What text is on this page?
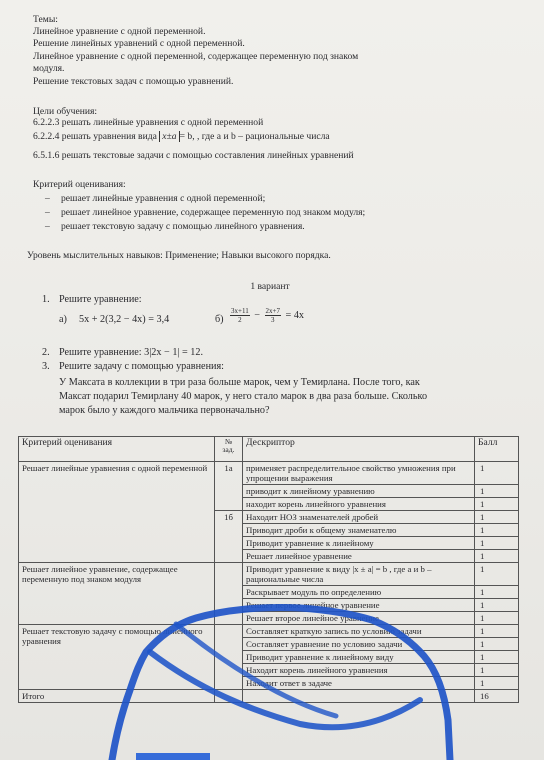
Темы:
Линейное уравнение с одной переменной.
Решение линейных уравнений с одной переменной.
Линейное уравнение с одной переменной, содержащее переменную под знаком
модуля.
Решение текстовых задач с помощью уравнений.
Цели обучения:
6.2.2.3 решать линейные уравнения с одной переменной
6.2.2.4 решать уравнения вида x±a = b, , где a и b – рациональные числа
6.5.1.6 решать текстовые задачи с помощью составления линейных уравнений
Критерий оценивания:
– решает линейные уравнения с одной переменной;
– решает линейное уравнение, содержащее переменную под знаком модуля;
– решает текстовую задачу с помощью линейного уравнения.
Уровень мыслительных навыков: Применение; Навыки высокого порядка.
1 вариант
1. Решите уравнение:
а) 5x + 2(3,2 − 4x) = 3,4	$б) \frac{3x+11}{2} - \frac{2x+7}{3} = 4x$
2. Решите уравнение: 3|2x − 1| = 12.
3. Решите задачу с помощью уравнения:
У Максата в коллекции в три раза больше марок, чем у Темирлана. После того, как
Максат подарил Темирлану 40 марок, у него стало марок в два раза больше. Сколько
марок было у каждого мальчика первоначально?
Критерий оценивания	№ зад.	Дескриптор	Балл
Решает линейные уравнения с одной переменной	1а	применяет распределительное свойство умножения при упрощении выражения	1
		приводит к линейному уравнению	1
		находит корень линейного уравнения	1
	1б	Находит НОЗ знаменателей дробей	1
		Приводит дроби к общему знаменателю	1
		Приводит уравнение к линейному	1
		Решает линейное уравнение	1
Решает линейное уравнение, содержащее переменную под знаком модуля		Приводит уравнение к виду |x ± a| = b , где a и b – рациональные числа	1
		Раскрывает модуль по определению	1
		Решает первое линейное уравнение	1
		Решает второе линейное уравнение	1
Решает текстовую задачу с помощью линейного уравнения		Составляет краткую запись по условию задачи	1
		Составляет уравнение по условию задачи	1
		Приводит уравнение к линейному виду	1
		Находит корень линейного уравнения	1
		Находит ответ в задаче	1
Итого			16
